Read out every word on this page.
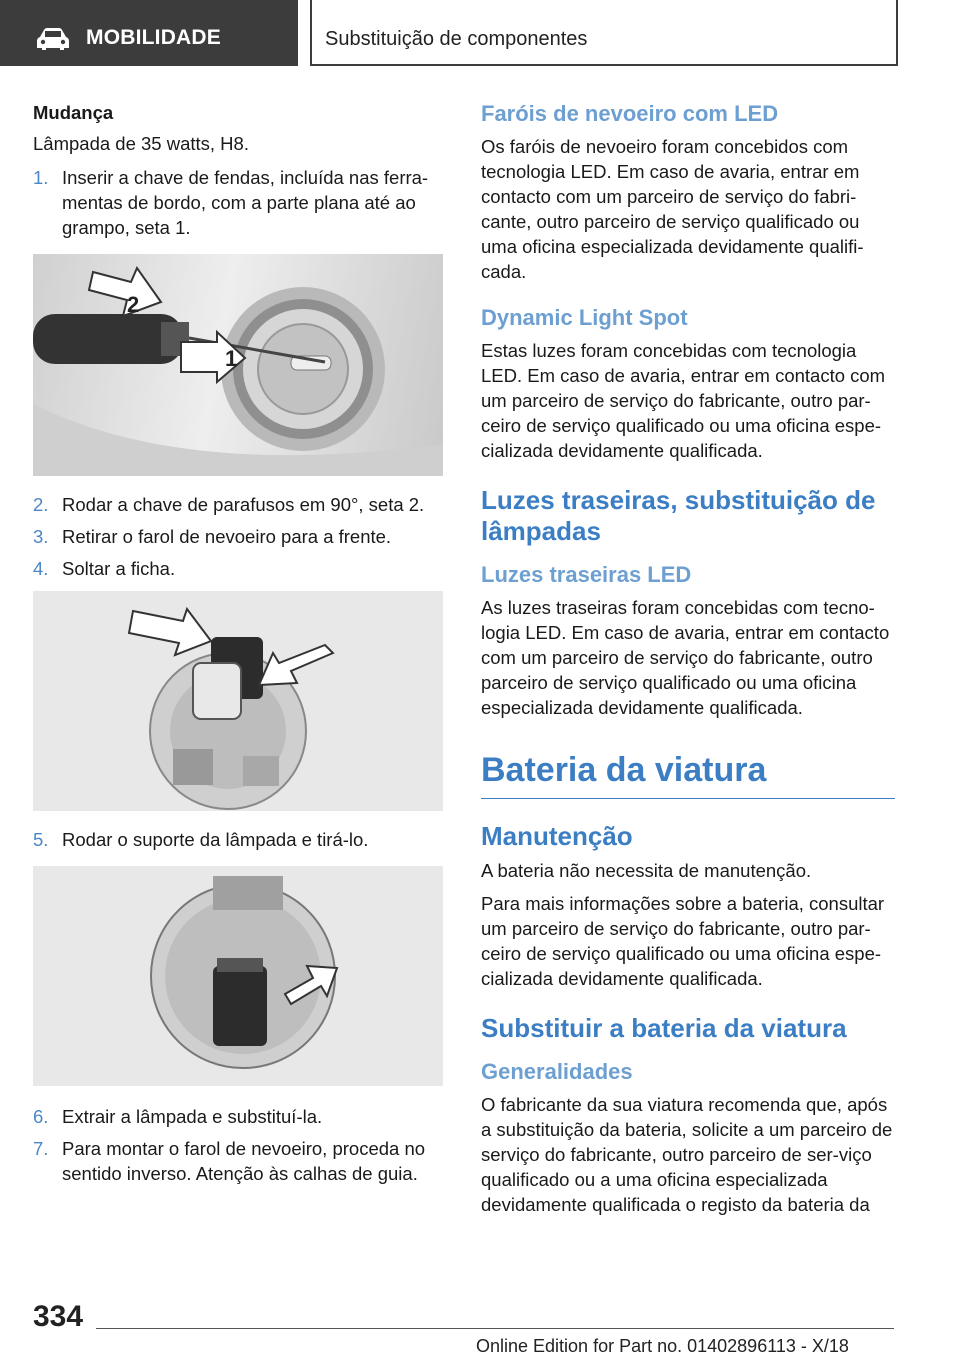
MOBILIDADE	Substituição de componentes

Mudança

Lâmpada de 35 watts, H8.

1. Inserir a chave de fendas, incluída nas ferra-mentas de bordo, com a parte plana até ao grampo, seta 1.
2
1
2. Rodar a chave de parafusos em 90°, seta 2.
3. Retirar o farol de nevoeiro para a frente.
4. Soltar a ficha.
5. Rodar o suporte da lâmpada e tirá-lo.
6. Extrair a lâmpada e substituí-la.
7. Para montar o farol de nevoeiro, proceda no sentido inverso. Atenção às calhas de guia.

Faróis de nevoeiro com LED

Os faróis de nevoeiro foram concebidos com tecnologia LED. Em caso de avaria, entrar em contacto com um parceiro de serviço do fabri-cante, outro parceiro de serviço qualificado ou uma oficina especializada devidamente qualifi-cada.

Dynamic Light Spot

Estas luzes foram concebidas com tecnologia LED. Em caso de avaria, entrar em contacto com um parceiro de serviço do fabricante, outro par-ceiro de serviço qualificado ou uma oficina espe-cializada devidamente qualificada.

Luzes traseiras, substituição de lâmpadas

Luzes traseiras LED

As luzes traseiras foram concebidas com tecno-logia LED. Em caso de avaria, entrar em contacto com um parceiro de serviço do fabricante, outro parceiro de serviço qualificado ou uma oficina especializada devidamente qualificada.

Bateria da viatura

Manutenção

A bateria não necessita de manutenção.

Para mais informações sobre a bateria, consultar um parceiro de serviço do fabricante, outro par-ceiro de serviço qualificado ou uma oficina espe-cializada devidamente qualificada.

Substituir a bateria da viatura

Generalidades

O fabricante da sua viatura recomenda que, após a substituição da bateria, solicite a um parceiro de serviço do fabricante, outro parceiro de ser-viço qualificado ou a uma oficina especializada devidamente qualificada o registo da bateria da

334
Online Edition for Part no. 01402896113 - X/18
